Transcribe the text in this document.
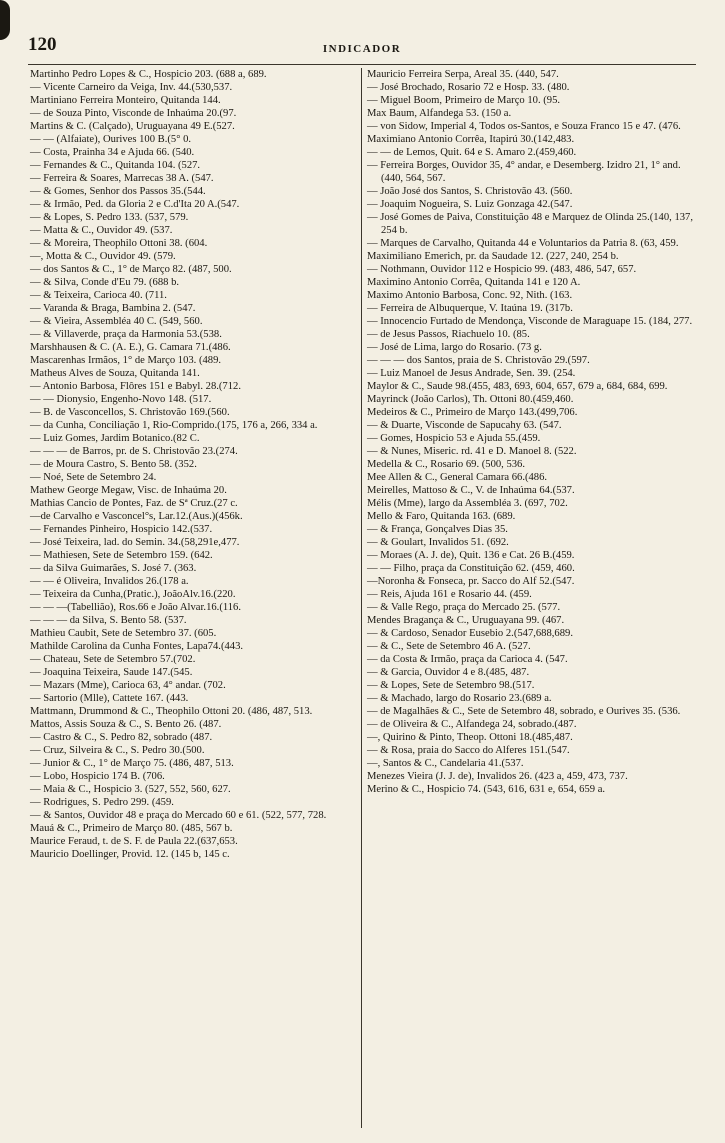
120	INDICADOR

Martinho Pedro Lopes & C., Hospicio 203. (688 a, 689.

— Vicente Carneiro da Veiga, Inv. 44.(530,537.

Martiniano Ferreira Monteiro, Quitanda 144.

— de Souza Pinto, Visconde de Inhaúma 20.(97.

Martins & C. (Calçado), Uruguayana 49 E.(527.

— — (Alfaiate), Ourives 100 B.(5° 0.

— Costa, Prainha 34 e Ajuda 66. (540.

— Fernandes & C., Quitanda 104. (527.

— Ferreira & Soares, Marrecas 38 A. (547.

— & Gomes, Senhor dos Passos 35.(544.

— & Irmão, Ped. da Gloria 2 e C.d'Ita 20 A.(547.

— & Lopes, S. Pedro 133. (537, 579.

— Matta & C., Ouvidor 49. (537.

— & Moreira, Theophilo Ottoni 38. (604.

—, Motta & C., Ouvidor 49. (579.

— dos Santos & C., 1° de Março 82. (487, 500.

— & Silva, Conde d'Eu 79. (688 b.

— & Teixeira, Carioca 40. (711.

— Varanda & Braga, Bambina 2. (547.

— & Vieira, Assembléa 40 C. (549, 560.

— & Villaverde, praça da Harmonia 53.(538.

Marshhausen & C. (A. E.), G. Camara 71.(486.

Mascarenhas Irmãos, 1° de Março 103. (489.

Matheus Alves de Souza, Quitanda 141.

— Antonio Barbosa, Flôres 151 e Babyl. 28.(712.

— — Dionysio, Engenho-Novo 148. (517.

— B. de Vasconcellos, S. Christovão 169.(560.

— da Cunha, Conciliação 1, Rio-Comprido.(175, 176 a, 266, 334 a.

— Luiz Gomes, Jardim Botanico.(82 C.

— — — de Barros, pr. de S. Christovão 23.(274.

— de Moura Castro, S. Bento 58. (352.

— Noé, Sete de Setembro 24.

Mathew George Megaw, Visc. de Inhaúma 20.

Mathias Cancio de Pontes, Faz. de Sª Cruz.(27 c.

—de Carvalho e Vasconcel°s, Lar.12.(Aus.)(456k.

— Fernandes Pinheiro, Hospicio 142.(537.

— José Teixeira, lad. do Semin. 34.(58,291e,477.

— Mathiesen, Sete de Setembro 159. (642.

— da Silva Guimarães, S. José 7. (363.

— — é Oliveira, Invalidos 26.(178 a.

— Teixeira da Cunha,(Pratic.), JoãoAlv.16.(220.

— — —(Tabellião), Ros.66 e João Alvar.16.(116.

— — — da Silva, S. Bento 58. (537.

Mathieu Caubit, Sete de Setembro 37. (605.

Mathilde Carolina da Cunha Fontes, Lapa74.(443.

— Chateau, Sete de Setembro 57.(702.

— Joaquina Teixeira, Saude 147.(545.

— Mazars (Mme), Carioca 63, 4° andar. (702.

— Sartorio (Mlle), Cattete 167. (443.

Mattmann, Drummond & C., Theophilo Ottoni 20. (486, 487, 513.

Mattos, Assis Souza & C., S. Bento 26. (487.

— Castro & C., S. Pedro 82, sobrado (487.

— Cruz, Silveira & C., S. Pedro 30.(500.

— Junior & C., 1° de Março 75. (486, 487, 513.

— Lobo, Hospicio 174 B. (706.

— Maia & C., Hospicio 3. (527, 552, 560, 627.

— Rodrigues, S. Pedro 299. (459.

— & Santos, Ouvidor 48 e praça do Mercado 60 e 61. (522, 577, 728.

Mauá & C., Primeiro de Março 80. (485, 567 b.

Maurice Feraud, t. de S. F. de Paula 22.(637,653.

Mauricio Doellinger, Provid. 12. (145 b, 145 c.

Mauricio Ferreira Serpa, Areal 35. (440, 547.

— José Brochado, Rosario 72 e Hosp. 33. (480.

— Miguel Boom, Primeiro de Março 10. (95.

Max Baum, Alfandega 53. (150 a.

— von Sidow, Imperial 4, Todos os-Santos, e Souza Franco 15 e 47. (476.

Maximiano Antonio Corrêa, Itapirú 30.(142,483.

— — de Lemos, Quit. 64 e S. Amaro 2.(459,460.

— Ferreira Borges, Ouvidor 35, 4° andar, e Desemberg. Izidro 21, 1° and. (440, 564, 567.

— João José dos Santos, S. Christovão 43. (560.

— Joaquim Nogueira, S. Luiz Gonzaga 42.(547.

— José Gomes de Paiva, Constituição 48 e Marquez de Olinda 25.(140, 137, 254 b.

— Marques de Carvalho, Quitanda 44 e Voluntarios da Patria 8. (63, 459.

Maximiliano Emerich, pr. da Saudade 12. (227, 240, 254 b.

— Nothmann, Ouvidor 112 e Hospicio 99. (483, 486, 547, 657.

Maximino Antonio Corrêa, Quitanda 141 e 120 A.

Maximo Antonio Barbosa, Conc. 92, Nith. (163.

— Ferreira de Albuquerque, V. Itaúna 19. (317b.

— Innocencio Furtado de Mendonça, Visconde de Maraguape 15. (184, 277.

— de Jesus Passos, Riachuelo 10. (85.

— José de Lima, largo do Rosario. (73 g.

— — — dos Santos, praia de S. Christovão 29.(597.

— Luiz Manoel de Jesus Andrade, Sen. 39. (254.

Maylor & C., Saude 98.(455, 483, 693, 604, 657, 679 a, 684, 684, 699.

Mayrinck (João Carlos), Th. Ottoni 80.(459,460.

Medeiros & C., Primeiro de Março 143.(499,706.

— & Duarte, Visconde de Sapucahy 63. (547.

— Gomes, Hospicio 53 e Ajuda 55.(459.

— & Nunes, Miseric. rd. 41 e D. Manoel 8. (522.

Medella & C., Rosario 69. (500, 536.

Mee Allen & C., General Camara 66.(486.

Meirelles, Mattoso & C., V. de Inhaúma 64.(537.

Mélis (Mme), largo da Assembléa 3. (697, 702.

Mello & Faro, Quitanda 163. (689.

— & França, Gonçalves Dias 35.

— & Goulart, Invalidos 51. (692.

— Moraes (A. J. de), Quit. 136 e Cat. 26 B.(459.

— — Filho, praça da Constituição 62. (459, 460.

—Noronha & Fonseca, pr. Sacco do Alf 52.(547.

— Reis, Ajuda 161 e Rosario 44. (459.

— & Valle Rego, praça do Mercado 25. (577.

Mendes Bragança & C., Uruguayana 99. (467.

— & Cardoso, Senador Eusebio 2.(547,688,689.

— & C., Sete de Setembro 46 A. (527.

— da Costa & Irmão, praça da Carioca 4. (547.

— & Garcia, Ouvidor 4 e 8.(485, 487.

— & Lopes, Sete de Setembro 98.(517.

— & Machado, largo do Rosario 23.(689 a.

— de Magalhães & C., Sete de Setembro 48, sobrado, e Ourives 35. (536.

— de Oliveira & C., Alfandega 24, sobrado.(487.

—, Quirino & Pinto, Theop. Ottoni 18.(485,487.

— & Rosa, praia do Sacco do Alferes 151.(547.

—, Santos & C., Candelaria 41.(537.

Menezes Vieira (J. J. de), Invalidos 26. (423 a, 459, 473, 737.

Merino & C., Hospicio 74. (543, 616, 631 e, 654, 659 a.
